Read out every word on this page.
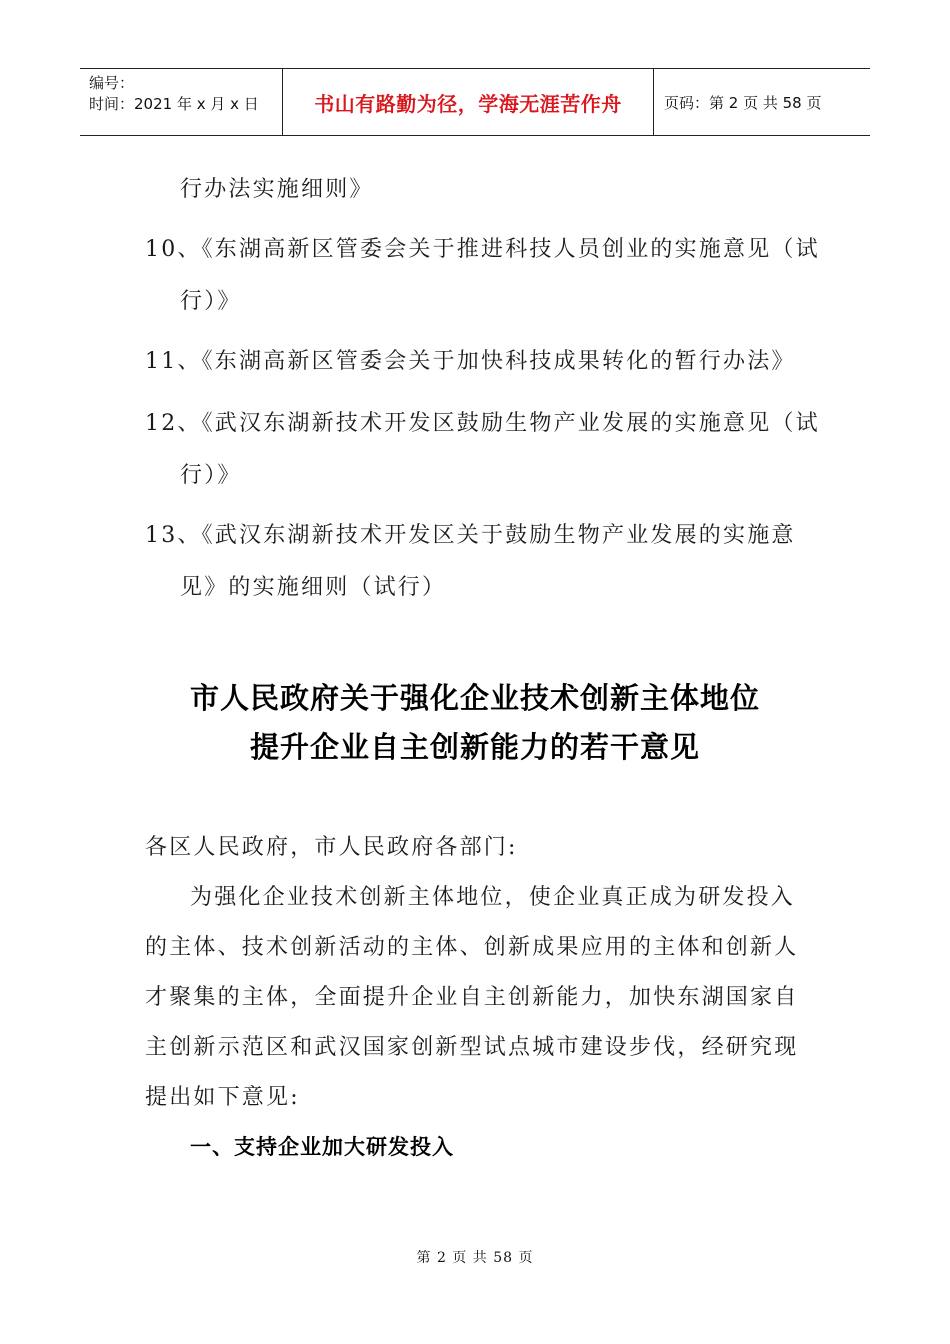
编号：
时间：2021 年 x 月 x 日	书山有路勤为径，学海无涯苦作舟	页码：第 2 页 共 58 页
行办法实施细则》
10、《东湖高新区管委会关于推进科技人员创业的实施意见（试
行）》
11、《东湖高新区管委会关于加快科技成果转化的暂行办法》
12、《武汉东湖新技术开发区鼓励生物产业发展的实施意见（试
行）》
13、《武汉东湖新技术开发区关于鼓励生物产业发展的实施意
见》的实施细则（试行）
市人民政府关于强化企业技术创新主体地位
提升企业自主创新能力的若干意见
各区人民政府，市人民政府各部门:
为强化企业技术创新主体地位，使企业真正成为研发投入
的主体、技术创新活动的主体、创新成果应用的主体和创新人
才聚集的主体，全面提升企业自主创新能力，加快东湖国家自
主创新示范区和武汉国家创新型试点城市建设步伐，经研究现
提出如下意见:
一、支持企业加大研发投入
第 2 页 共 58 页
